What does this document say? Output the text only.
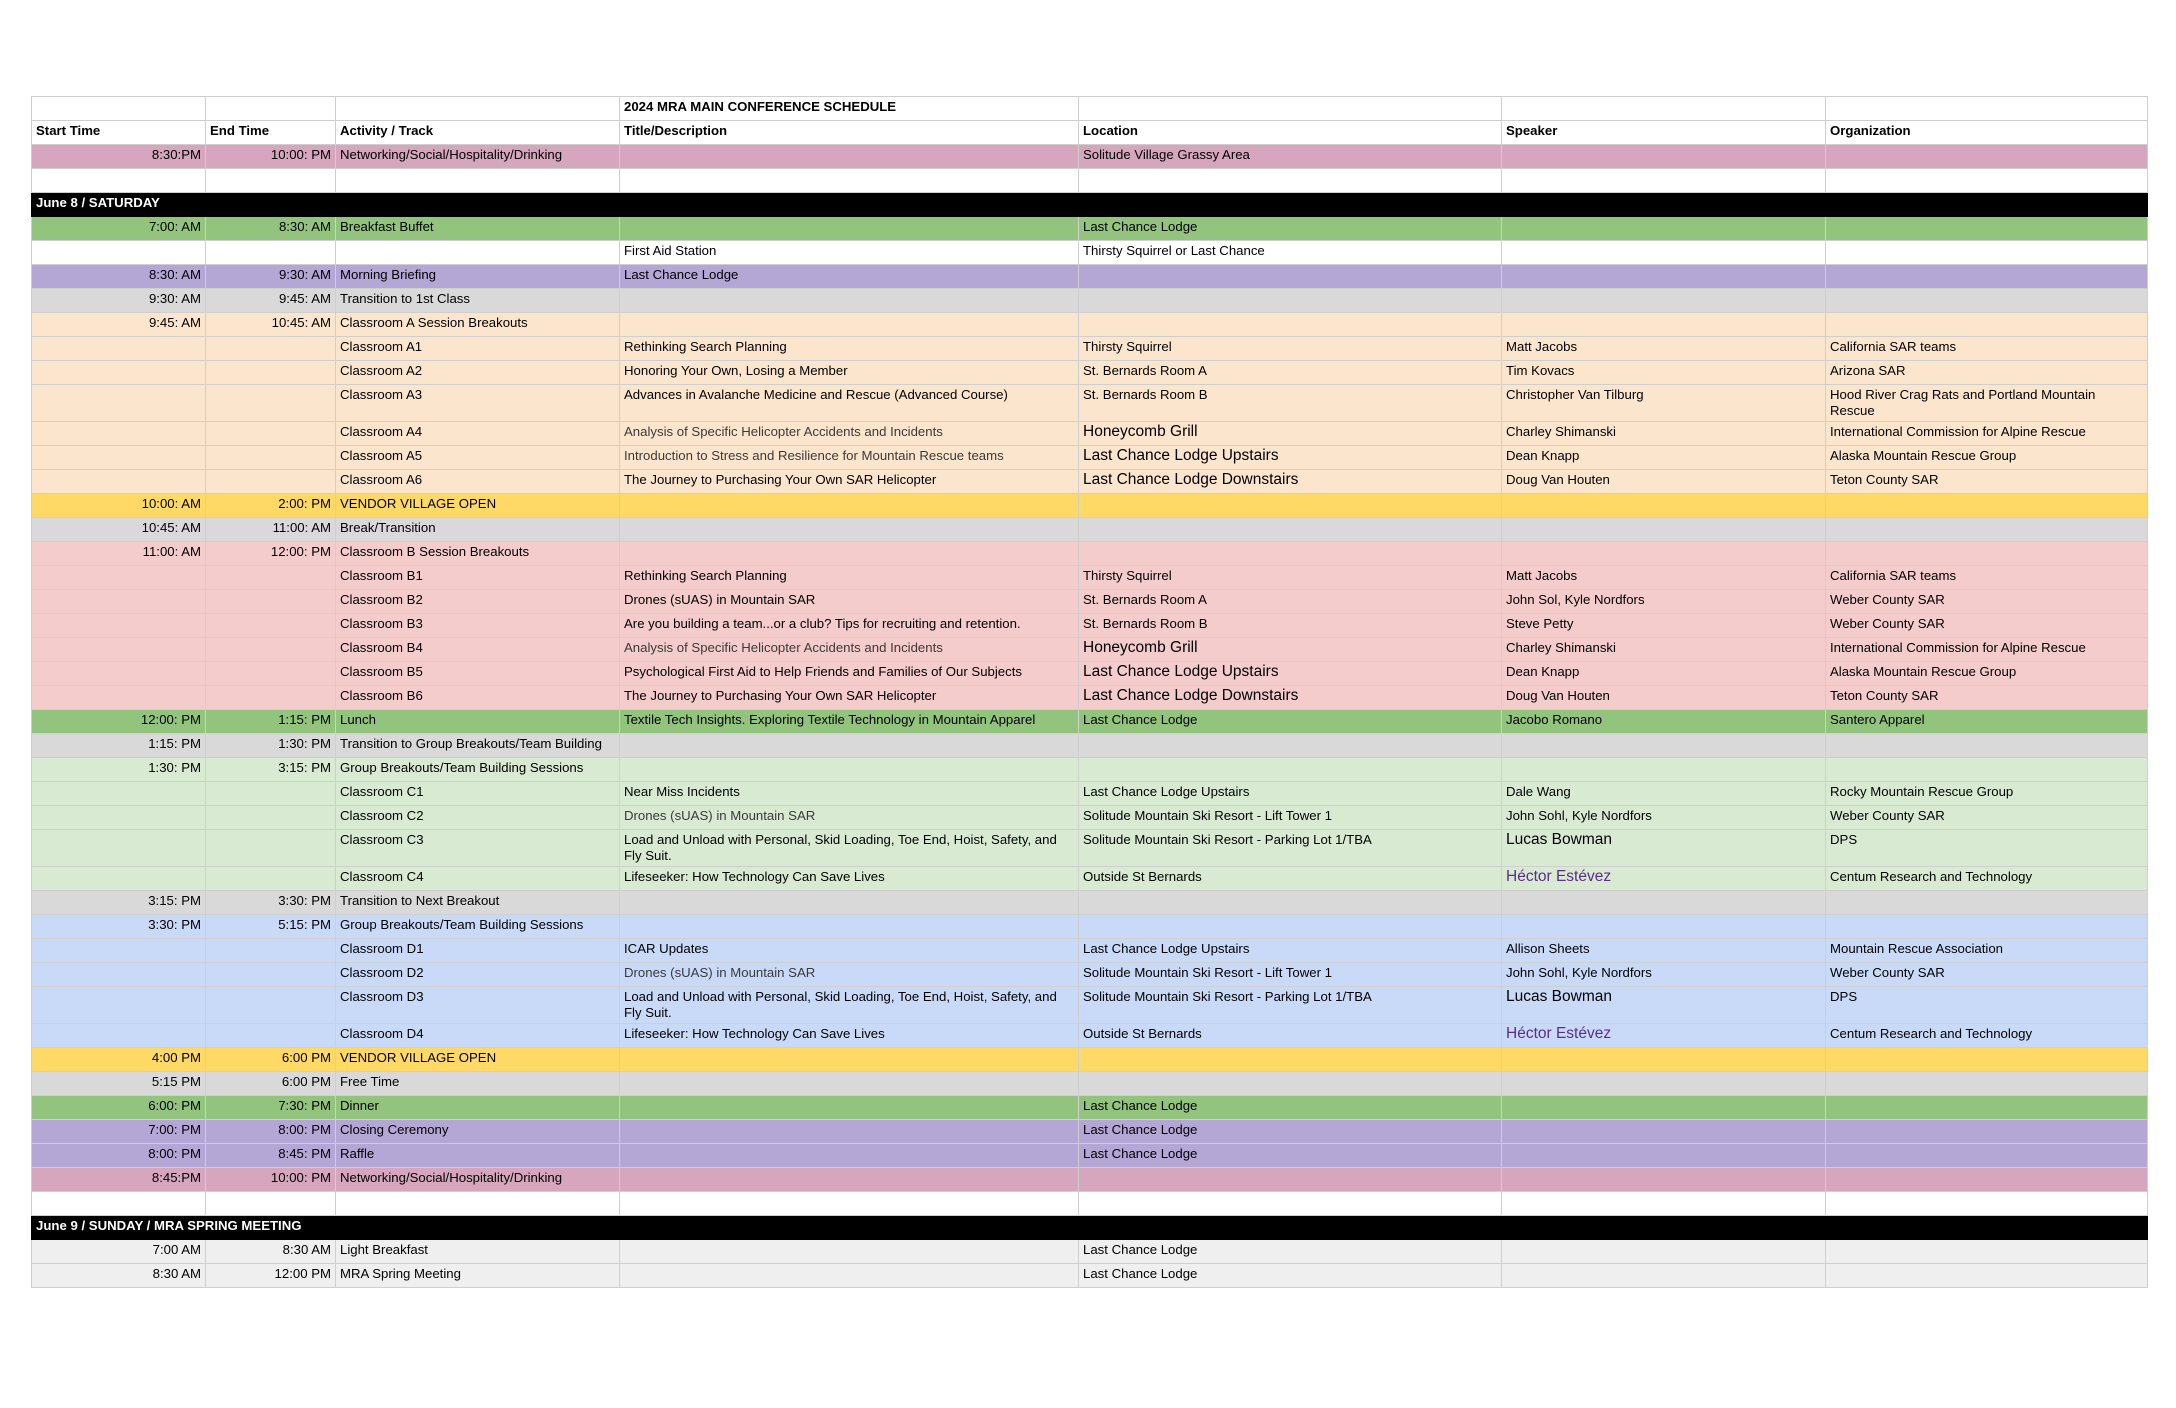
			2024 MRA MAIN CONFERENCE SCHEDULE			
Start Time	End Time	Activity / Track	Title/Description	Location	Speaker	Organization
8:30:PM	10:00: PM	Networking/Social/Hospitality/Drinking		Solitude Village Grassy Area		

June 8 / SATURDAY						
7:00: AM	8:30: AM	Breakfast Buffet		Last Chance Lodge		
			First Aid Station	Thirsty Squirrel or Last Chance		
8:30: AM	9:30: AM	Morning Briefing	Last Chance Lodge			
9:30: AM	9:45: AM	Transition to 1st Class				
9:45: AM	10:45: AM	Classroom A Session Breakouts				
		Classroom A1	Rethinking Search Planning	Thirsty Squirrel	Matt Jacobs	California SAR teams
		Classroom A2	Honoring Your Own, Losing a Member	St. Bernards Room A	Tim Kovacs	Arizona SAR
		Classroom A3	Advances in Avalanche Medicine and Rescue (Advanced Course)	St. Bernards Room B	Christopher Van Tilburg	Hood River Crag Rats and Portland Mountain Rescue
		Classroom A4	Analysis of Specific Helicopter Accidents and Incidents	Honeycomb Grill	Charley Shimanski	International Commission for Alpine Rescue
		Classroom A5	Introduction to Stress and Resilience for Mountain Rescue teams	Last Chance Lodge Upstairs	Dean Knapp	Alaska Mountain Rescue Group
		Classroom A6	The Journey to Purchasing Your Own SAR Helicopter	Last Chance Lodge Downstairs	Doug Van Houten	Teton County SAR
10:00: AM	2:00: PM	VENDOR VILLAGE OPEN				
10:45: AM	11:00: AM	Break/Transition				
11:00: AM	12:00: PM	Classroom B Session Breakouts				
		Classroom B1	Rethinking Search Planning	Thirsty Squirrel	Matt Jacobs	California SAR teams
		Classroom B2	Drones (sUAS) in Mountain SAR	St. Bernards Room A	John Sol, Kyle Nordfors	Weber County SAR
		Classroom B3	Are you building a team...or a club? Tips for recruiting and retention.	St. Bernards Room B	Steve Petty	Weber County SAR
		Classroom B4	Analysis of Specific Helicopter Accidents and Incidents	Honeycomb Grill	Charley Shimanski	International Commission for Alpine Rescue
		Classroom B5	Psychological First Aid to Help Friends and Families of Our Subjects	Last Chance Lodge Upstairs	Dean Knapp	Alaska Mountain Rescue Group
		Classroom B6	The Journey to Purchasing Your Own SAR Helicopter	Last Chance Lodge Downstairs	Doug Van Houten	Teton County SAR
12:00: PM	1:15: PM	Lunch	Textile Tech Insights. Exploring Textile Technology in Mountain Apparel	Last Chance Lodge	Jacobo Romano	Santero Apparel
1:15: PM	1:30: PM	Transition to Group Breakouts/Team Building				
1:30: PM	3:15: PM	Group Breakouts/Team Building Sessions				
		Classroom C1	Near Miss Incidents	Last Chance Lodge Upstairs	Dale Wang	Rocky Mountain Rescue Group
		Classroom C2	Drones (sUAS) in Mountain SAR	Solitude Mountain Ski Resort - Lift Tower 1	John Sohl, Kyle Nordfors	Weber County SAR
		Classroom C3	Load and Unload with Personal, Skid Loading, Toe End, Hoist, Safety, and Fly Suit.	Solitude Mountain Ski Resort - Parking Lot 1/TBA	Lucas Bowman	DPS
		Classroom C4	Lifeseeker: How Technology Can Save Lives	Outside St Bernards	Héctor Estévez	Centum Research and Technology
3:15: PM	3:30: PM	Transition to Next Breakout				
3:30: PM	5:15: PM	Group Breakouts/Team Building Sessions				
		Classroom D1	ICAR Updates	Last Chance Lodge Upstairs	Allison Sheets	Mountain Rescue Association
		Classroom D2	Drones (sUAS) in Mountain SAR	Solitude Mountain Ski Resort - Lift Tower 1	John Sohl, Kyle Nordfors	Weber County SAR
		Classroom D3	Load and Unload with Personal, Skid Loading, Toe End, Hoist, Safety, and Fly Suit.	Solitude Mountain Ski Resort - Parking Lot 1/TBA	Lucas Bowman	DPS
		Classroom D4	Lifeseeker: How Technology Can Save Lives	Outside St Bernards	Héctor Estévez	Centum Research and Technology
4:00 PM	6:00 PM	VENDOR VILLAGE OPEN				
5:15 PM	6:00 PM	Free Time				
6:00: PM	7:30: PM	Dinner		Last Chance Lodge		
7:00: PM	8:00: PM	Closing Ceremony		Last Chance Lodge		
8:00: PM	8:45: PM	Raffle		Last Chance Lodge		
8:45:PM	10:00: PM	Networking/Social/Hospitality/Drinking				

June 9 / SUNDAY / MRA SPRING MEETING						
7:00 AM	8:30 AM	Light Breakfast		Last Chance Lodge		
8:30 AM	12:00 PM	MRA Spring Meeting		Last Chance Lodge		
